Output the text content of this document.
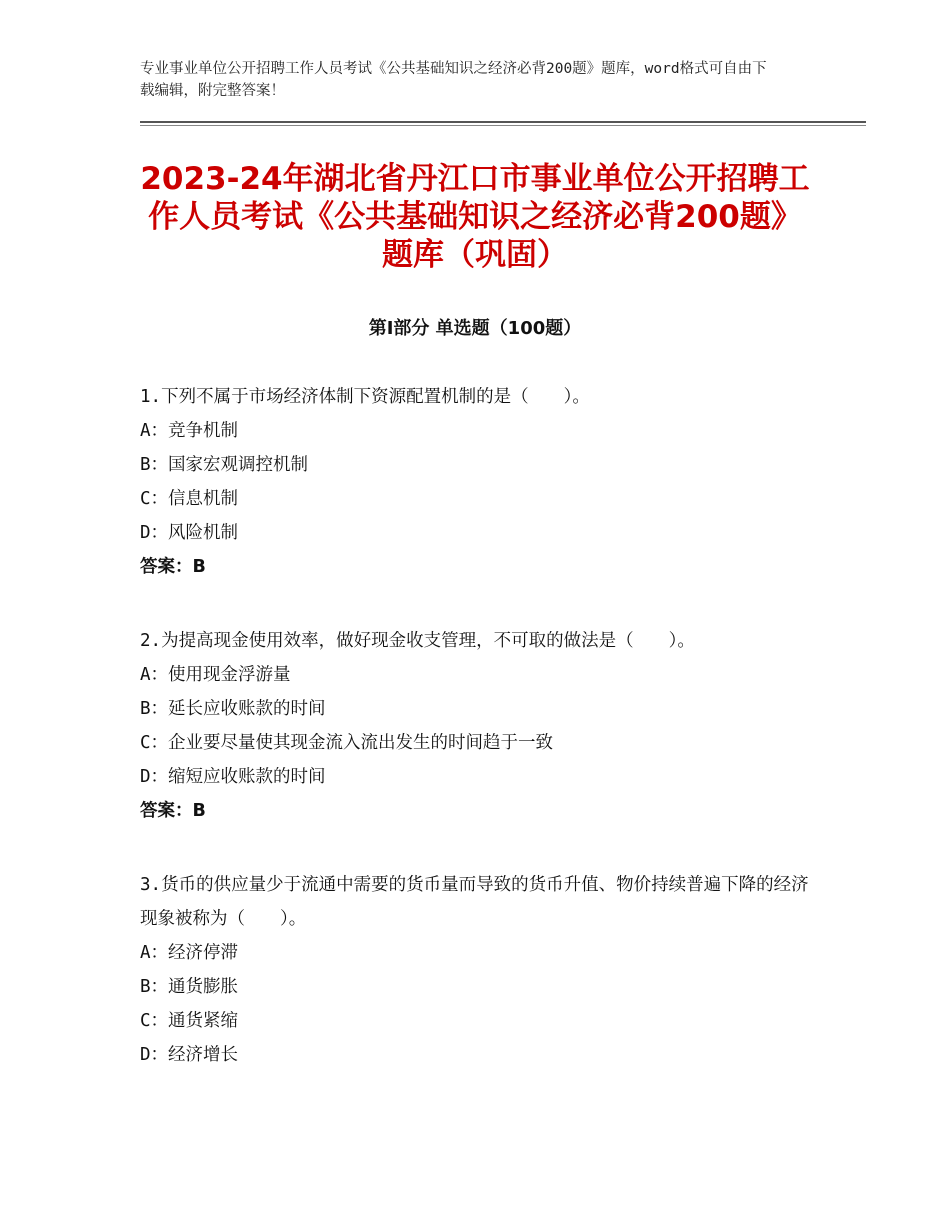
专业事业单位公开招聘工作人员考试《公共基础知识之经济必背200题》题库，word格式可自由下载编辑，附完整答案！
2023-24年湖北省丹江口市事业单位公开招聘工作人员考试《公共基础知识之经济必背200题》题库（巩固）
第Ⅰ部分 单选题（100题）

1.下列不属于市场经济体制下资源配置机制的是（　　）。

A：竞争机制

B：国家宏观调控机制

C：信息机制

D：风险机制

答案：B

2.为提高现金使用效率，做好现金收支管理，不可取的做法是（　　）。

A：使用现金浮游量

B：延长应收账款的时间

C：企业要尽量使其现金流入流出发生的时间趋于一致

D：缩短应收账款的时间

答案：B

3.货币的供应量少于流通中需要的货币量而导致的货币升值、物价持续普遍下降的经济现象被称为（　　）。

A：经济停滞

B：通货膨胀

C：通货紧缩

D：经济增长
